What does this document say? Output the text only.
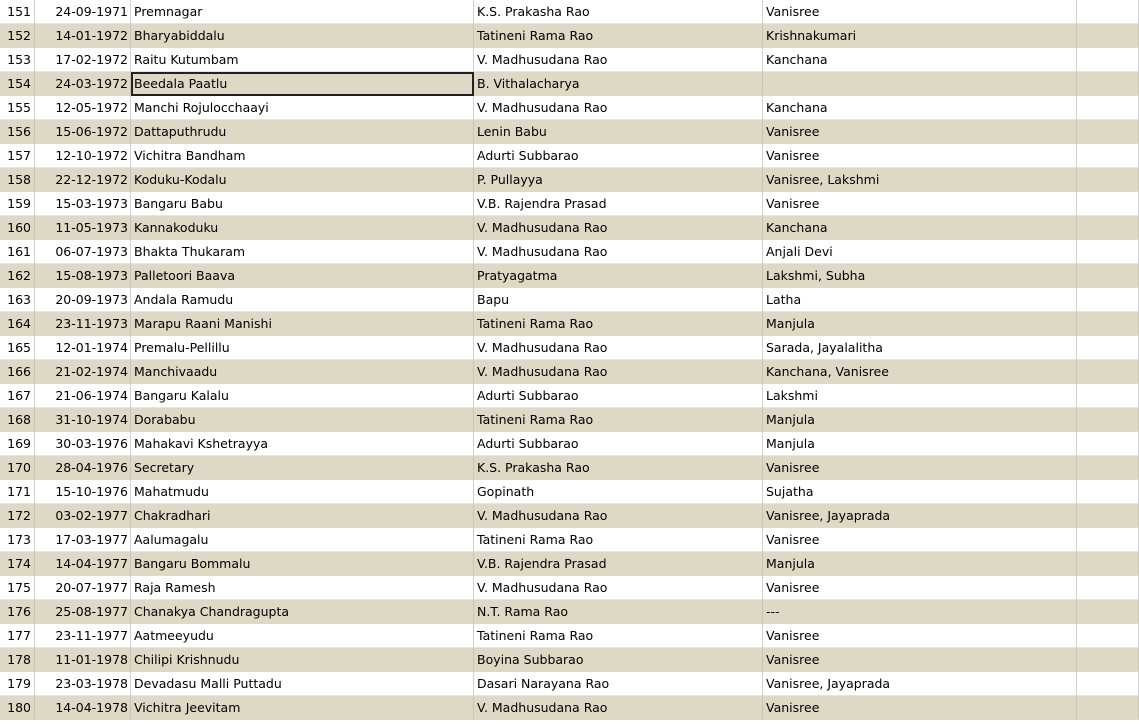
151	24-09-1971 Premnagar	K.S. Prakasha Rao	Vanisree
152	14-01-1972 Bharyabiddalu	Tatineni Rama Rao	Krishnakumari
153	17-02-1972 Raitu Kutumbam	V. Madhusudana Rao	Kanchana
154	24-03-1972 Beedala Paatlu	B. Vithalacharya
155	12-05-1972 Manchi Rojulocchaayi	V. Madhusudana Rao	Kanchana
156	15-06-1972 Dattaputhrudu	Lenin Babu	Vanisree
157	12-10-1972 Vichitra Bandham	Adurti Subbarao	Vanisree
158	22-12-1972 Koduku-Kodalu	P. Pullayya	Vanisree, Lakshmi
159	15-03-1973 Bangaru Babu	V.B. Rajendra Prasad	Vanisree
160	11-05-1973 Kannakoduku	V. Madhusudana Rao	Kanchana
161	06-07-1973 Bhakta Thukaram	V. Madhusudana Rao	Anjali Devi
162	15-08-1973 Palletoori Baava	Pratyagatma	Lakshmi, Subha
163	20-09-1973 Andala Ramudu	Bapu	Latha
164	23-11-1973 Marapu Raani Manishi	Tatineni Rama Rao	Manjula
165	12-01-1974 Premalu-Pellillu	V. Madhusudana Rao	Sarada, Jayalalitha
166	21-02-1974 Manchivaadu	V. Madhusudana Rao	Kanchana, Vanisree
167	21-06-1974 Bangaru Kalalu	Adurti Subbarao	Lakshmi
168	31-10-1974 Dorababu	Tatineni Rama Rao	Manjula
169	30-03-1976 Mahakavi Kshetrayya	Adurti Subbarao	Manjula
170	28-04-1976 Secretary	K.S. Prakasha Rao	Vanisree
171	15-10-1976 Mahatmudu	Gopinath	Sujatha
172	03-02-1977 Chakradhari	V. Madhusudana Rao	Vanisree, Jayaprada
173	17-03-1977 Aalumagalu	Tatineni Rama Rao	Vanisree
174	14-04-1977 Bangaru Bommalu	V.B. Rajendra Prasad	Manjula
175	20-07-1977 Raja Ramesh	V. Madhusudana Rao	Vanisree
176	25-08-1977 Chanakya Chandragupta	N.T. Rama Rao	---
177	23-11-1977 Aatmeeyudu	Tatineni Rama Rao	Vanisree
178	11-01-1978 Chilipi Krishnudu	Boyina Subbarao	Vanisree
179	23-03-1978 Devadasu Malli Puttadu	Dasari Narayana Rao	Vanisree, Jayaprada
180	14-04-1978 Vichitra Jeevitam	V. Madhusudana Rao	Vanisree
